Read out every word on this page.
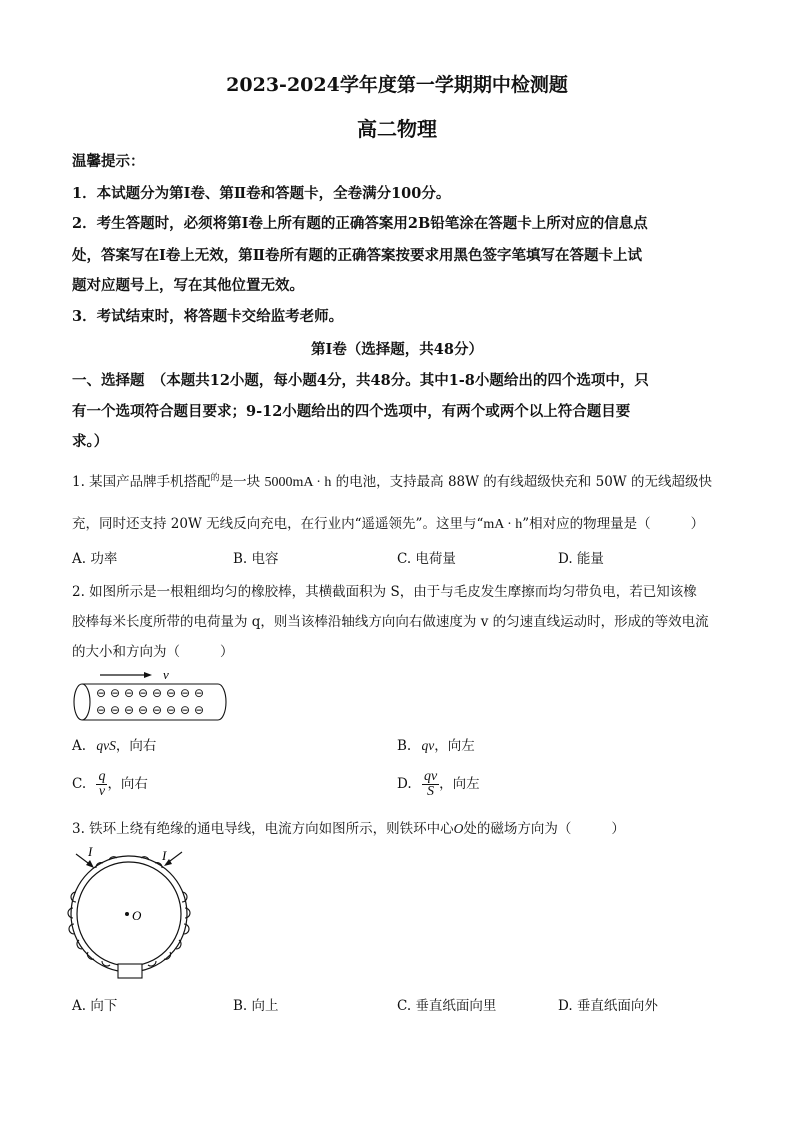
2023-2024学年度第一学期期中检测题
高二物理
温馨提示：
1．本试题分为第Ⅰ卷、第Ⅱ卷和答题卡，全卷满分100分。
2．考生答题时，必须将第Ⅰ卷上所有题的正确答案用2B铅笔涂在答题卡上所对应的信息点
处，答案写在Ⅰ卷上无效，第Ⅱ卷所有题的正确答案按要求用黑色签字笔填写在答题卡上试
题对应题号上，写在其他位置无效。
3．考试结束时，将答题卡交给监考老师。
第Ⅰ卷（选择题，共48分）
一、选择题　（本题共12小题，每小题4分，共48分。其中1-8小题给出的四个选项中，只
有一个选项符合题目要求；9-12小题给出的四个选项中，有两个或两个以上符合题目要
求。）
1. 某国产品牌手机搭配$^的$是一块 5000mA · h 的电池，支持最高 88W 的有线超级快充和 50W 的无线超级快
充，同时还支持 20W 无线反向充电，在行业内“遥遥领先”。这里与“mA · h”相对应的物理量是（	）
A. 功率	B. 电容	C. 电荷量	D. 能量
2. 如图所示是一根粗细均匀的橡胶棒，其横截面积为 S，由于与毛皮发生摩擦而均匀带负电，若已知该橡
胶棒每米长度所带的电荷量为 q，则当该棒沿轴线方向向右做速度为 v 的匀速直线运动时，形成的等效电流
的大小和方向为（	）
v
⊖ ⊖ ⊖ ⊖ ⊖ ⊖ ⊖ ⊖
⊖ ⊖ ⊖ ⊖ ⊖ ⊖ ⊖ ⊖
A. qvS，向右	B. qv，向左
C. $\frac{q}{v}$ ，向右	D. $\frac{qv}{S}$ ，向左
3. 铁环上绕有绝缘的通电导线，电流方向如图所示，则铁环中心O处的磁场方向为（	）
I	I
O
A. 向下	B. 向上	C. 垂直纸面向里	D. 垂直纸面向外
